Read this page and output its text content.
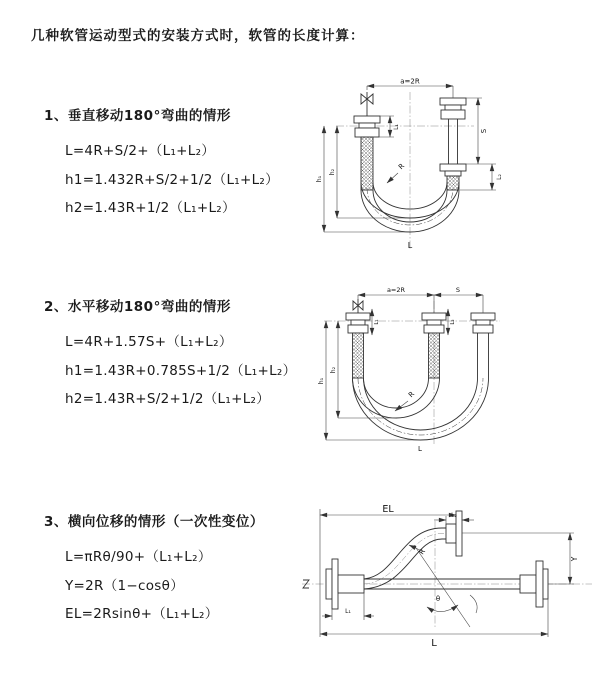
几种软管运动型式的安装方式时，软管的长度计算：
1、垂直移动180°弯曲的情形
L=4R+S/2+（L₁+L₂）
h1=1.432R+S/2+1/2（L₁+L₂）
h2=1.43R+1/2（L₁+L₂）
2、水平移动180°弯曲的情形
L=4R+1.57S+（L₁+L₂）
h1=1.43R+0.785S+1/2（L₁+L₂）
h2=1.43R+S/2+1/2（L₁+L₂）
3、横向位移的情形（一次性变位）
L=πRθ/90+（L₁+L₂）
Y=2R（1−cosθ）
EL=2Rsinθ+（L₁+L₂）
a=2R
S
L₂
L₁
h₁
h₂
R
L
a=2R	S
L₁	L₂
h₁
h₂
R
L
EL
L₂
Y
L₁
R
θ
L
